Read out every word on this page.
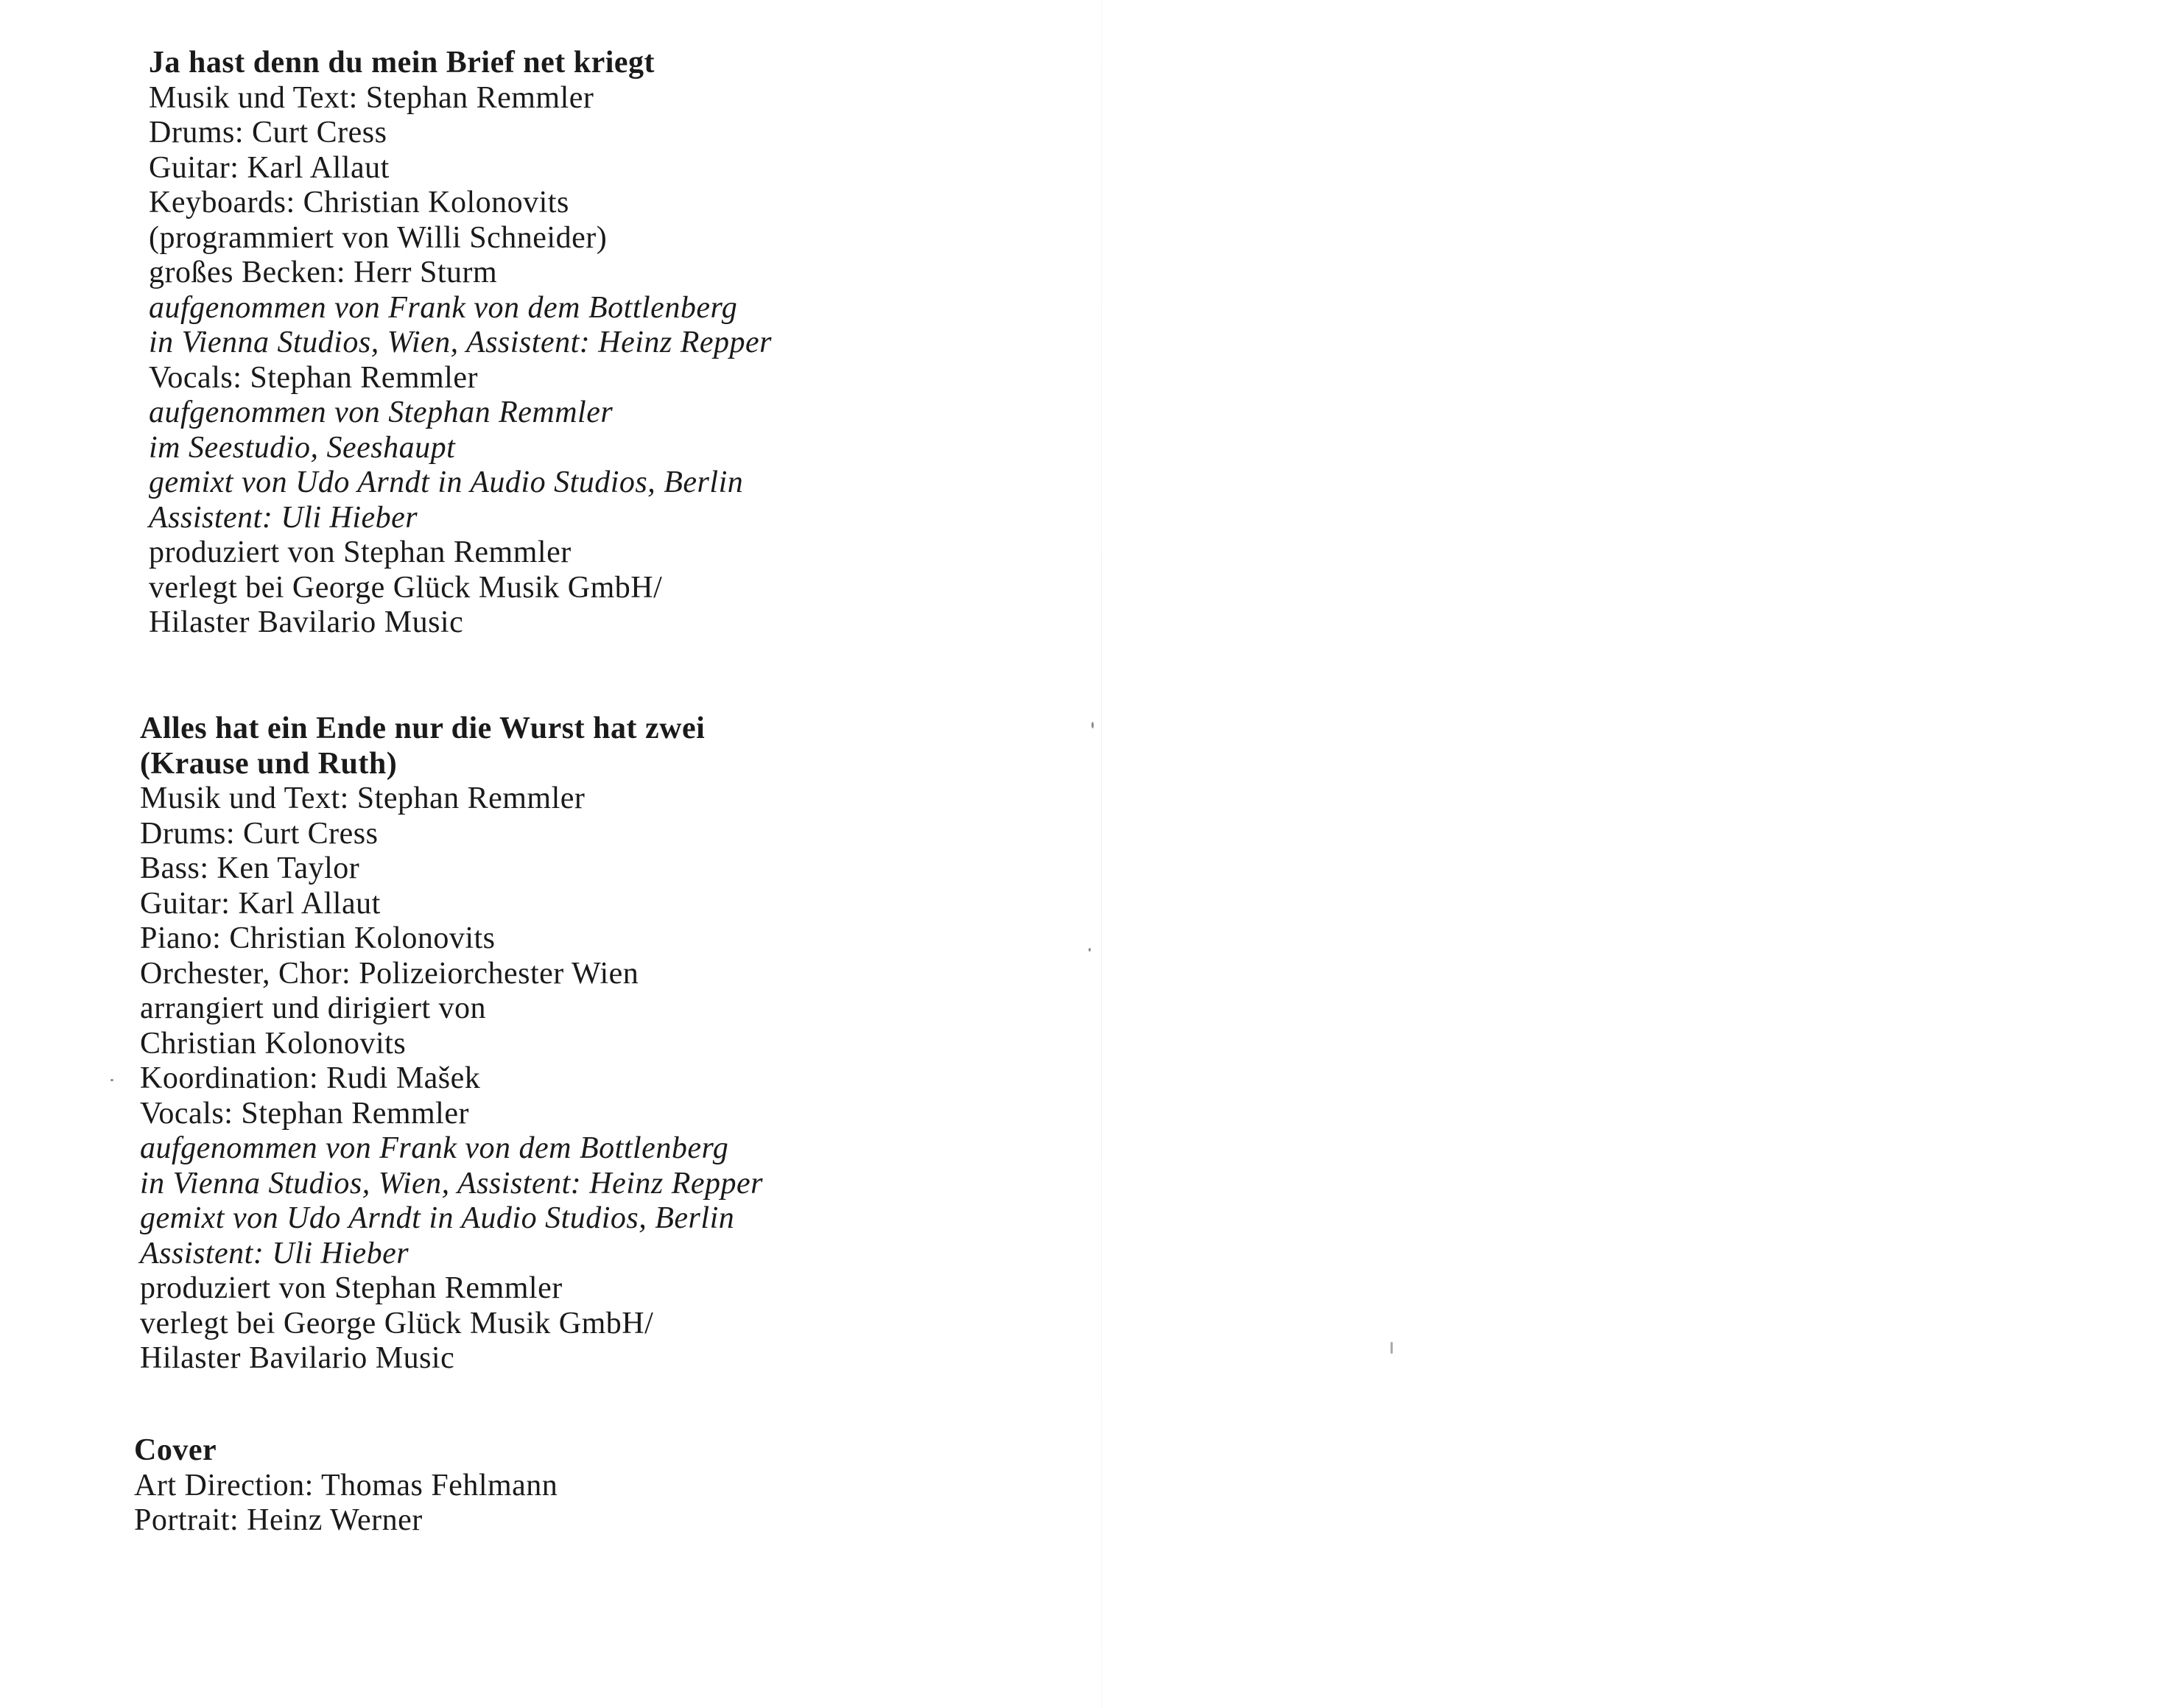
Ja hast denn du mein Brief net kriegt
Musik und Text: Stephan Remmler
Drums: Curt Cress
Guitar: Karl Allaut
Keyboards: Christian Kolonovits
(programmiert von Willi Schneider)
großes Becken: Herr Sturm
aufgenommen von Frank von dem Bottlenberg
in Vienna Studios, Wien, Assistent: Heinz Repper
Vocals: Stephan Remmler
aufgenommen von Stephan Remmler
im Seestudio, Seeshaupt
gemixt von Udo Arndt in Audio Studios, Berlin
Assistent: Uli Hieber
produziert von Stephan Remmler
verlegt bei George Glück Musik GmbH/
Hilaster Bavilario Music
Alles hat ein Ende nur die Wurst hat zwei
(Krause und Ruth)
Musik und Text: Stephan Remmler
Drums: Curt Cress
Bass: Ken Taylor
Guitar: Karl Allaut
Piano: Christian Kolonovits
Orchester, Chor: Polizeiorchester Wien
arrangiert und dirigiert von
Christian Kolonovits
Koordination: Rudi Mašek
Vocals: Stephan Remmler
aufgenommen von Frank von dem Bottlenberg
in Vienna Studios, Wien, Assistent: Heinz Repper
gemixt von Udo Arndt in Audio Studios, Berlin
Assistent: Uli Hieber
produziert von Stephan Remmler
verlegt bei George Glück Musik GmbH/
Hilaster Bavilario Music
Cover
Art Direction: Thomas Fehlmann
Portrait: Heinz Werner
